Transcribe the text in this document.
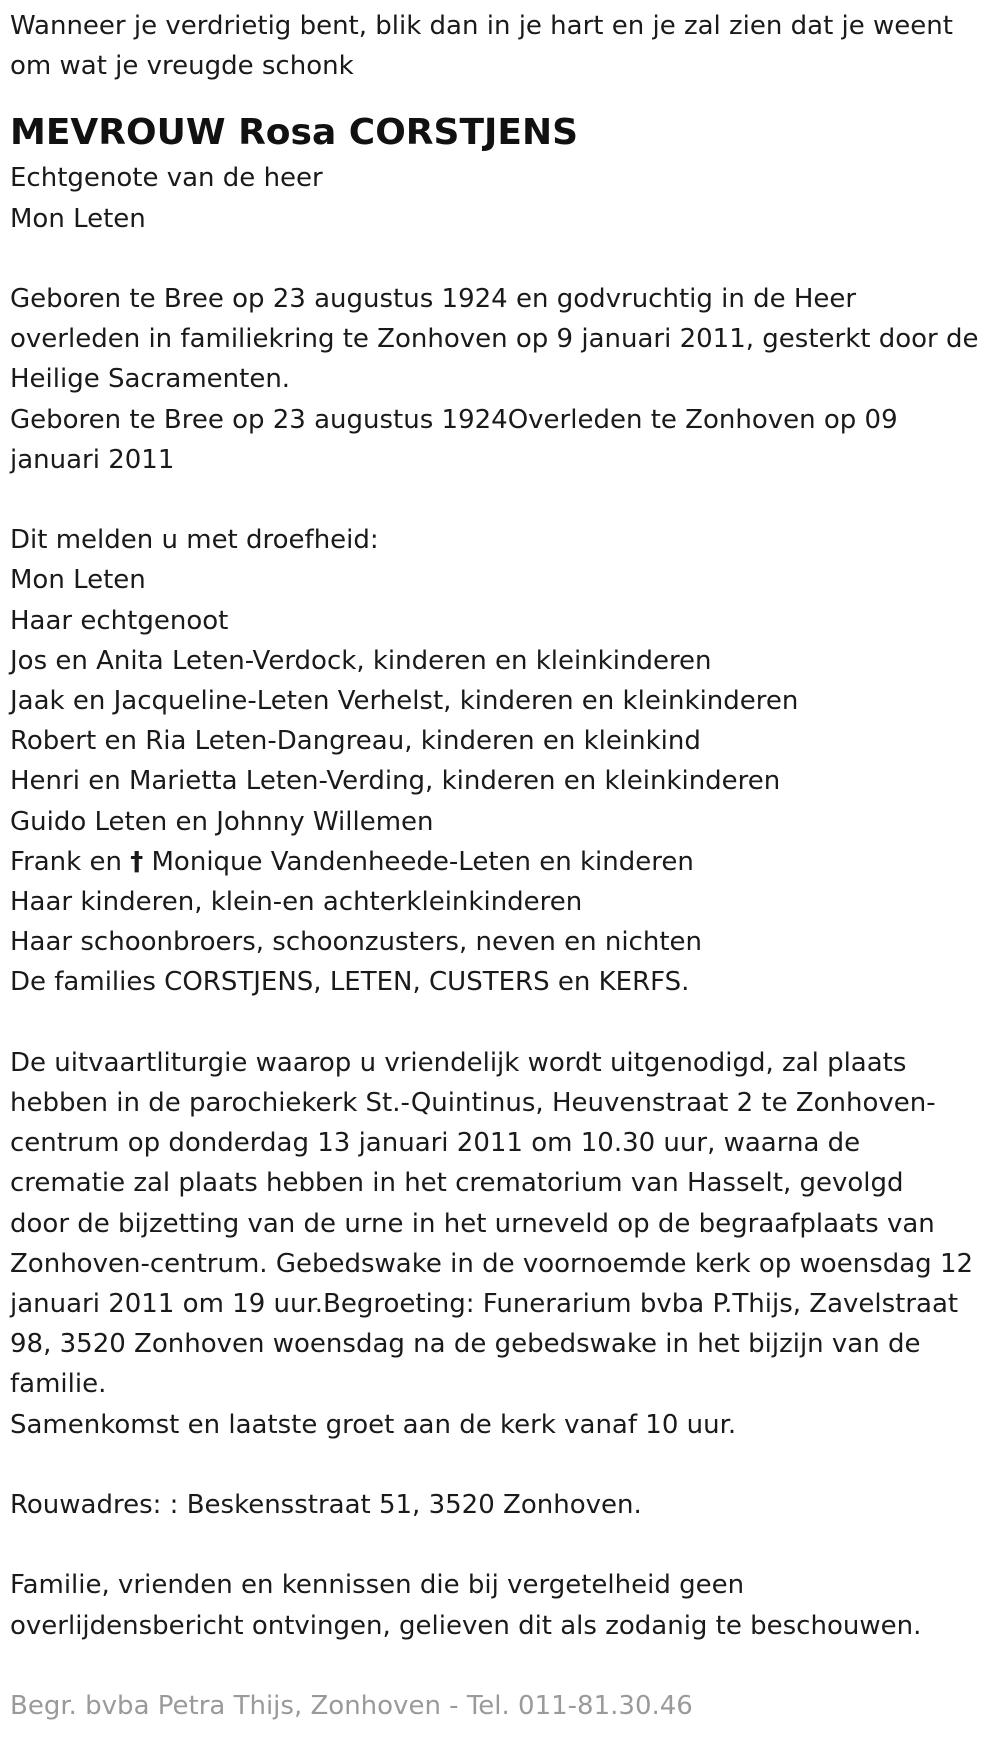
Wanneer je verdrietig bent, blik dan in je hart en je zal zien dat je weent

om wat je vreugde schonk

MEVROUW Rosa CORSTJENS

Echtgenote van de heer

Mon Leten

Geboren te Bree op 23 augustus 1924 en godvruchtig in de Heer

overleden in familiekring te Zonhoven op 9 januari 2011, gesterkt door de

Heilige Sacramenten.

Geboren te Bree op 23 augustus 1924Overleden te Zonhoven op 09

januari 2011

Dit melden u met droefheid:

Mon Leten

Haar echtgenoot

Jos en Anita Leten-Verdock, kinderen en kleinkinderen

Jaak en Jacqueline-Leten Verhelst, kinderen en kleinkinderen

Robert en Ria Leten-Dangreau, kinderen en kleinkind

Henri en Marietta Leten-Verding, kinderen en kleinkinderen

Guido Leten en Johnny Willemen

Frank en † Monique Vandenheede-Leten en kinderen

Haar kinderen, klein-en achterkleinkinderen

Haar schoonbroers, schoonzusters, neven en nichten

De families CORSTJENS, LETEN, CUSTERS en KERFS.

De uitvaartliturgie waarop u vriendelijk wordt uitgenodigd, zal plaats

hebben in de parochiekerk St.-Quintinus, Heuvenstraat 2 te Zonhoven-

centrum op donderdag 13 januari 2011 om 10.30 uur, waarna de

crematie zal plaats hebben in het crematorium van Hasselt, gevolgd

door de bijzetting van de urne in het urneveld op de begraafplaats van

Zonhoven-centrum. Gebedswake in de voornoemde kerk op woensdag 12

januari 2011 om 19 uur.Begroeting: Funerarium bvba P.Thijs, Zavelstraat

98, 3520 Zonhoven woensdag na de gebedswake in het bijzijn van de

familie.

Samenkomst en laatste groet aan de kerk vanaf 10 uur.

Rouwadres: : Beskensstraat 51, 3520 Zonhoven.

Familie, vrienden en kennissen die bij vergetelheid geen

overlijdensbericht ontvingen, gelieven dit als zodanig te beschouwen.

Begr. bvba Petra Thijs, Zonhoven - Tel. 011-81.30.46
